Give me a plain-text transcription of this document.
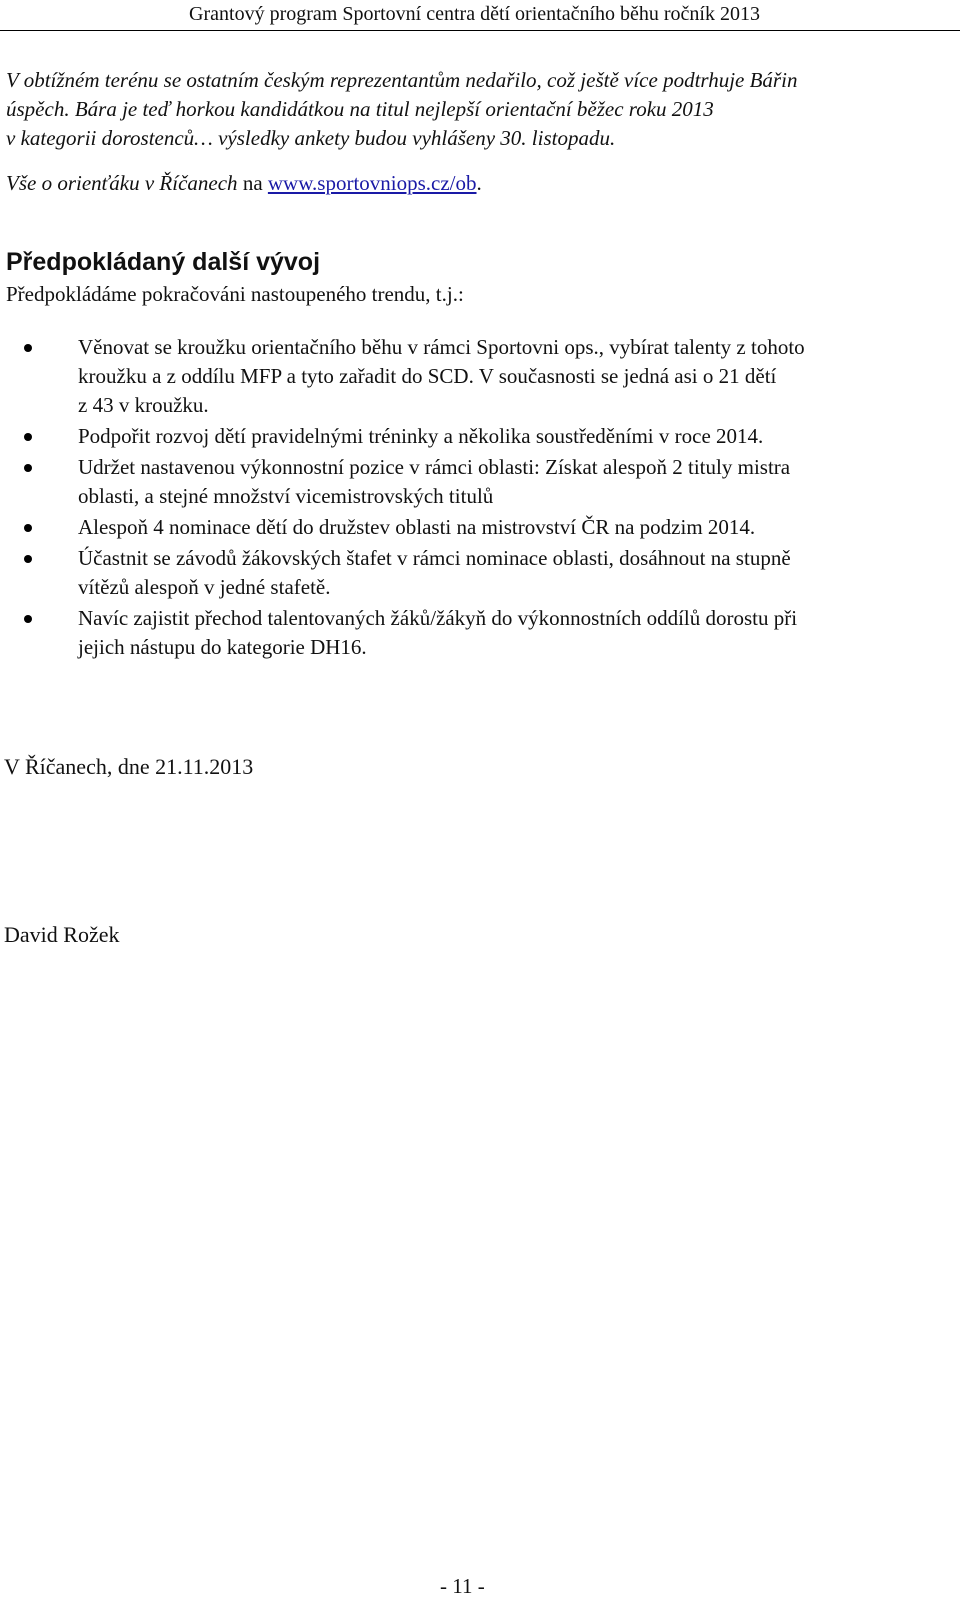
Grantový program Sportovní centra dětí orientačního běhu ročník 2013
V obtížném terénu se ostatním českým reprezentantům nedařilo, což ještě více podtrhuje Bářin
úspěch. Bára je teď horkou kandidátkou na titul nejlepší orientační běžec roku 2013
v kategorii dorostenců… výsledky ankety budou vyhlášeny 30. listopadu.
Vše o orienťáku v Říčanech na www.sportovniops.cz/ob.
Předpokládaný další vývoj
Předpokládáme pokračováni nastoupeného trendu, t.j.:
Věnovat se kroužku orientačního běhu v rámci Sportovni ops., vybírat talenty z tohoto
kroužku a z oddílu MFP a tyto zařadit do SCD. V současnosti se jedná asi o 21 dětí
z 43 v kroužku.
Podpořit rozvoj dětí pravidelnými tréninky a několika soustředěními v roce 2014.
Udržet nastavenou výkonnostní pozice v rámci oblasti: Získat alespoň 2 tituly mistra
oblasti, a stejné množství vicemistrovských titulů
Alespoň 4 nominace dětí do družstev oblasti na mistrovství ČR na podzim 2014.
Účastnit se závodů žákovských štafet v rámci nominace oblasti, dosáhnout na stupně
vítězů alespoň v jedné stafetě.
Navíc zajistit přechod talentovaných žáků/žákyň do výkonnostních oddílů dorostu při
jejich nástupu do kategorie DH16.
V Říčanech, dne 21.11.2013
David Rožek
- 11 -
